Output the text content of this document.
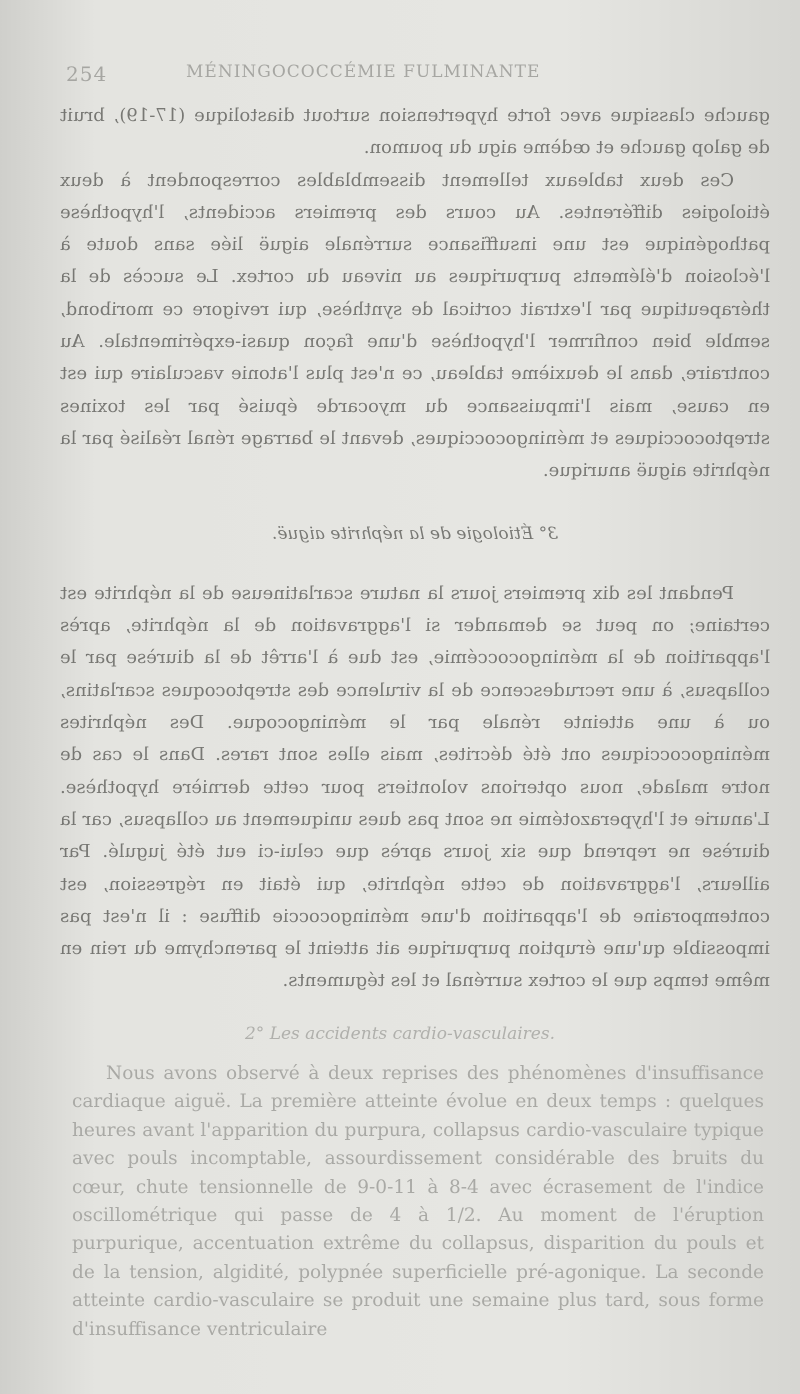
254	MÉNINGOCOCCÉMIE FULMINANTE

gauche classique avec forte hypertension surtout diastolique (17-19), bruit de galop gauche et œdème aigu du poumon.

Ces deux tableaux tellement dissemblables correspondent à deux étiologies différentes. Au cours des premiers accidents, l'hypothèse pathogénique est une insuffisance surrénale aiguë liée sans doute à l'éclosion d'éléments purpuriques au niveau du cortex. Le succès de la thérapeutique par l'extrait cortical de synthèse, qui revigore ce moribond, semble bien confirmer l'hypothèse d'une façon quasi-expérimentale. Au contraire, dans le deuxième tableau, ce n'est plus l'atonie vasculaire qui est en cause, mais l'impuissance du myocarde épuisé par les toxines streptococciques et méningococciques, devant le barrage rénal réalisé par la néphrite aiguë anurique.

3° Étiologie de la néphrite aiguë.

Pendant les dix premiers jours la nature scarlatineuse de la néphrite est certaine; on peut se demander si l'aggravation de la néphrite, après l'apparition de la méningococcémie, est due à l'arrêt de la diurèse par le collapsus, à une recrudescence de la virulence des streptocoques scarlatins, ou à une atteinte rénale par le méningocoque. Des néphrites méningococciques ont été décrites, mais elles sont rares. Dans le cas de notre malade, nous opterions volontiers pour cette dernière hypothèse. L'anurie et l'hyperazotémie ne sont pas dues uniquement au collapsus, car la diurèse ne reprend que six jours après que celui-ci eut été jugulé. Par ailleurs, l'aggravation de cette néphrite, qui était en régression, est contemporaine de l'apparition d'une méningococcie diffuse : il n'est pas impossible qu'une éruption purpurique ait atteint le parenchyme du rein en même temps que le cortex surrénal et les téguments.

2° Les accidents cardio-vasculaires.

Nous avons observé à deux reprises des phénomènes d'insuffisance cardiaque aiguë. La première atteinte évolue en deux temps : quelques heures avant l'apparition du purpura, collapsus cardio-vasculaire typique avec pouls incomptable, assourdissement considérable des bruits du cœur, chute tensionnelle de 9-0-11 à 8-4 avec écrasement de l'indice oscillométrique qui passe de 4 à 1/2. Au moment de l'éruption purpurique, accentuation extrême du collapsus, disparition du pouls et de la tension, algidité, polypnée superficielle pré-agonique. La seconde atteinte cardio-vasculaire se produit une semaine plus tard, sous forme d'insuffisance ventriculaire
